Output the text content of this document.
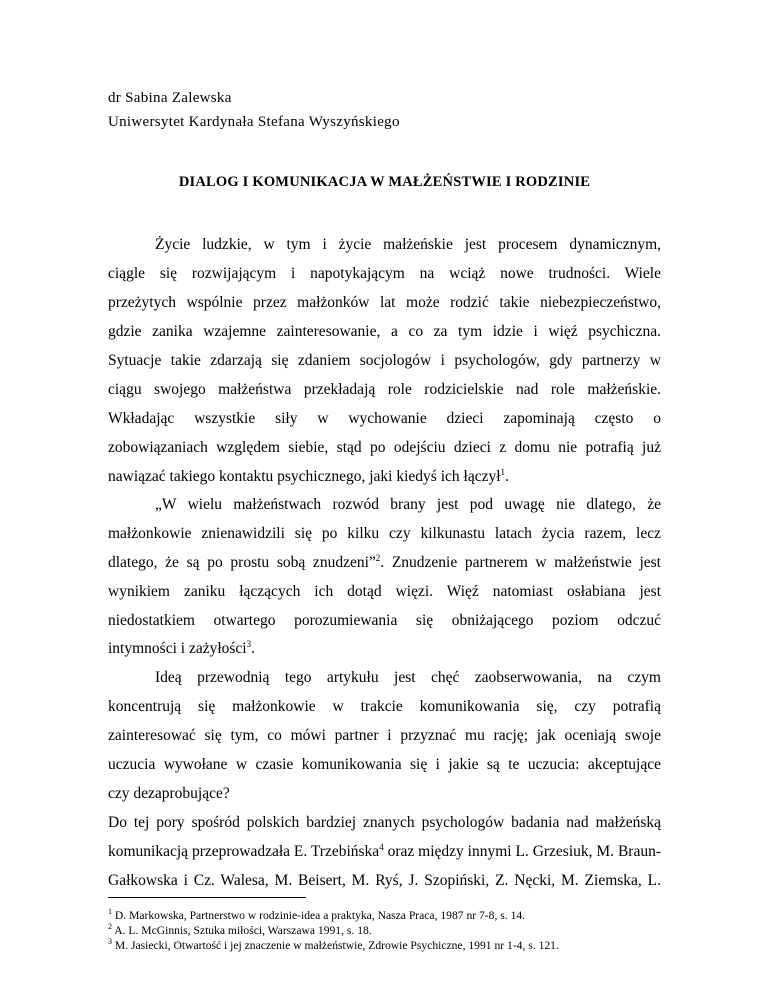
dr Sabina Zalewska
Uniwersytet Kardynała Stefana Wyszyńskiego
DIALOG I KOMUNIKACJA W MAŁŻEŃSTWIE I RODZINIE
Życie ludzkie, w tym i życie małżeńskie jest procesem dynamicznym,
ciągle się rozwijającym i napotykającym na wciąż nowe trudności. Wiele
przeżytych wspólnie przez małżonków lat może rodzić takie niebezpieczeństwo,
gdzie zanika wzajemne zainteresowanie, a co za tym idzie i więź psychiczna.
Sytuacje takie zdarzają się zdaniem socjologów i psychologów, gdy partnerzy w
ciągu swojego małżeństwa przekładają role rodzicielskie nad role małżeńskie.
Wkładając wszystkie siły w wychowanie dzieci zapominają często o
zobowiązaniach względem siebie, stąd po odejściu dzieci z domu nie potrafią już
nawiązać takiego kontaktu psychicznego, jaki kiedyś ich łączył$^1$.
„W wielu małżeństwach rozwód brany jest pod uwagę nie dlatego, że
małżonkowie znienawidzili się po kilku czy kilkunastu latach życia razem, lecz
dlatego, że są po prostu sobą znudzeni”$^2$. Znudzenie partnerem w małżeństwie jest
wynikiem zaniku łączących ich dotąd więzi. Więź natomiast osłabiana jest
niedostatkiem otwartego porozumiewania się obniżającego poziom odczuć
intymności i zażyłości$^3$.
Ideą przewodnią tego artykułu jest chęć zaobserwowania, na czym
koncentrują się małżonkowie w trakcie komunikowania się, czy potrafią
zainteresować się tym, co mówi partner i przyznać mu rację; jak oceniają swoje
uczucia wywołane w czasie komunikowania się i jakie są te uczucia: akceptujące
czy dezaprobujące?
Do tej pory spośród polskich bardziej znanych psychologów badania nad małżeńską
komunikacją przeprowadzała E. Trzebińska$^4$ oraz między innymi L. Grzesiuk, M. Braun-
Gałkowska i Cz. Walesa, M. Beisert, M. Ryś, J. Szopiński, Z. Nęcki, M. Ziemska, L.
$^1$ D. Markowska, Partnerstwo w rodzinie-idea a praktyka, Nasza Praca, 1987 nr 7-8, s. 14.
$^2$ A. L. McGinnis, Sztuka miłości, Warszawa 1991, s. 18.
$^3$ M. Jasiecki, Otwartość i jej znaczenie w małżeństwie, Zdrowie Psychiczne, 1991 nr 1-4, s. 121.
